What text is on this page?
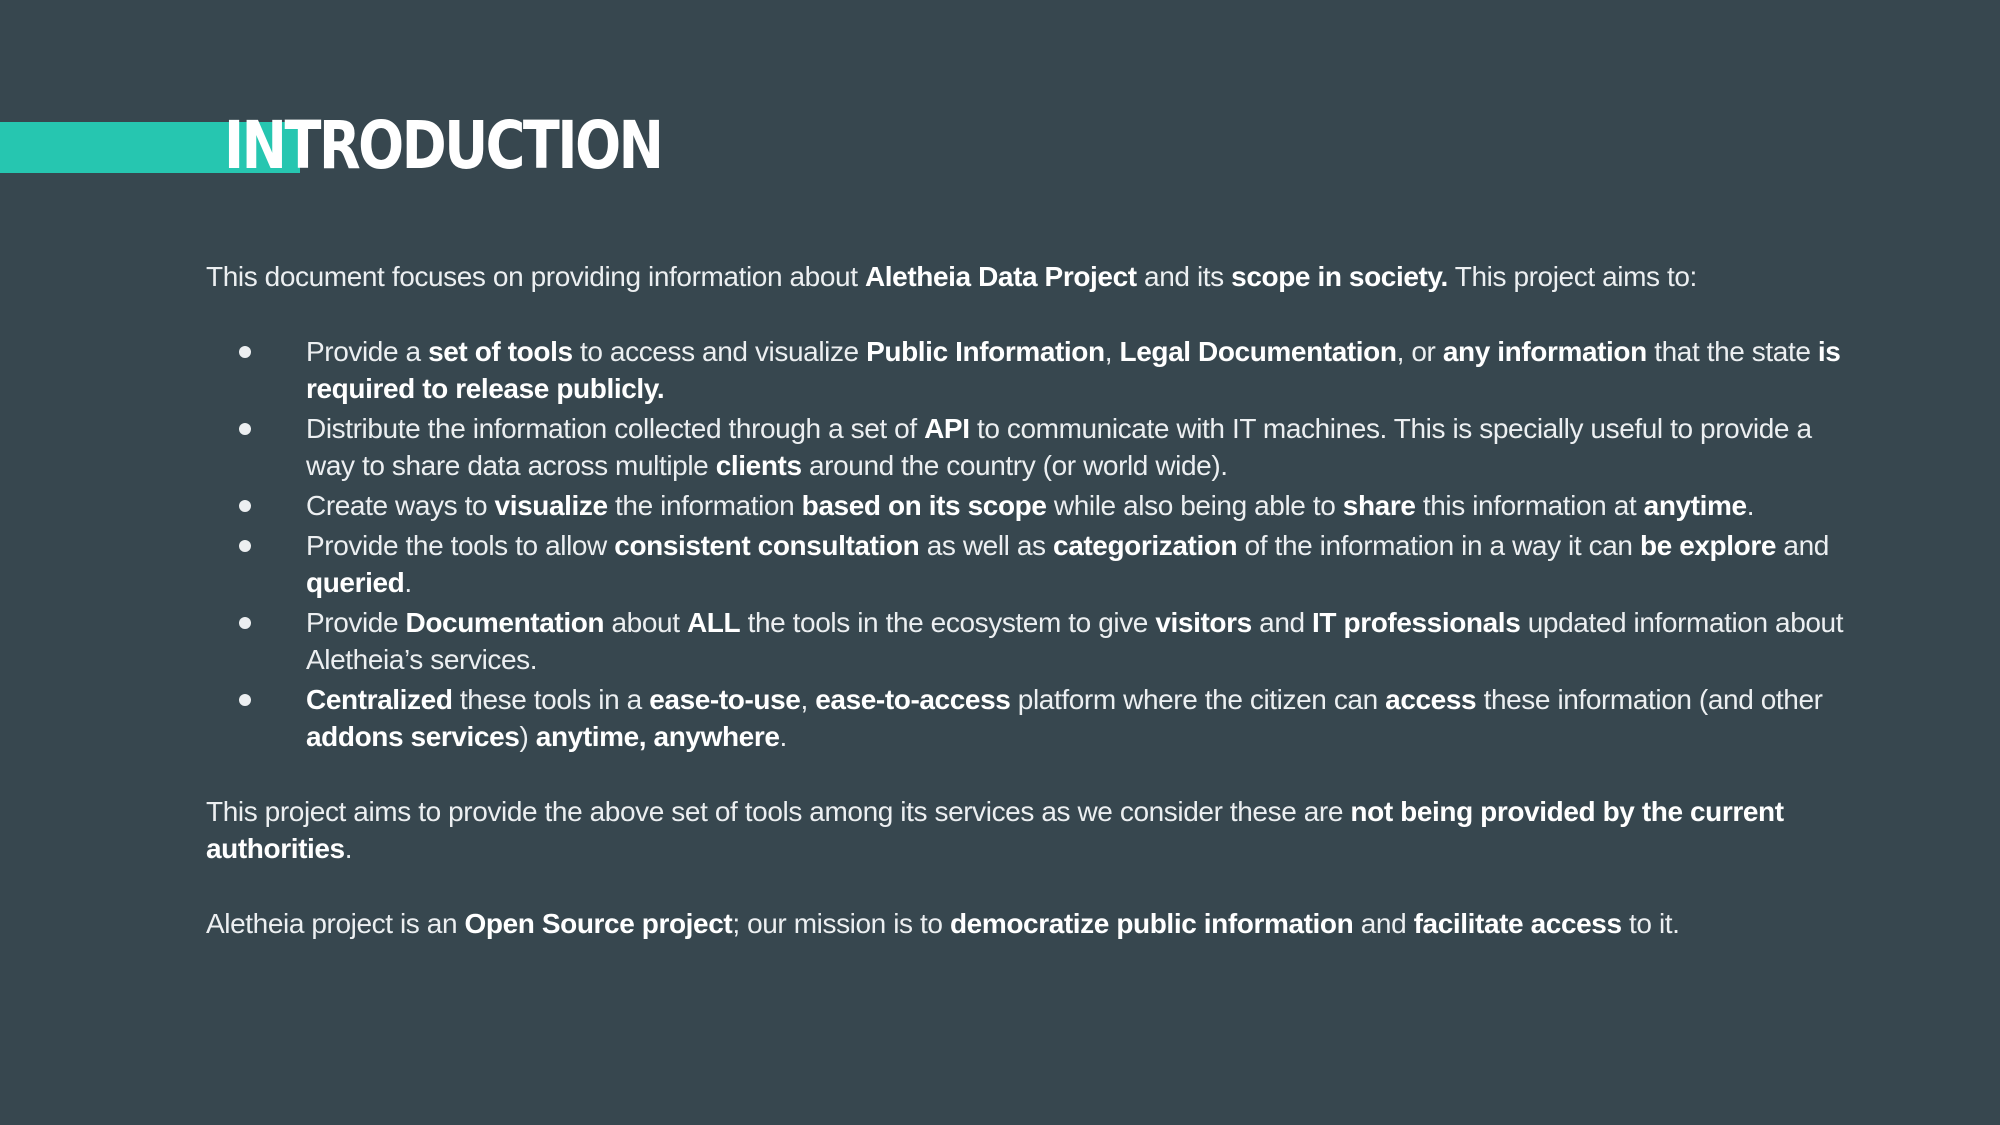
INTRODUCTION

This document focuses on providing information about Aletheia Data Project and its scope in society. This project aims to:

Provide a set of tools to access and visualize Public Information, Legal Documentation, or any information that the state is required to release publicly.
Distribute the information collected through a set of API to communicate with IT machines. This is specially useful to provide a way to share data across multiple clients around the country (or world wide).
Create ways to visualize the information based on its scope while also being able to share this information at anytime.
Provide the tools to allow consistent consultation as well as categorization of the information in a way it can be explore and queried.
Provide Documentation about ALL the tools in the ecosystem to give visitors and IT professionals updated information about Aletheia’s services.
Centralized these tools in a ease-to-use, ease-to-access platform where the citizen can access these information (and other addons services) anytime, anywhere.

This project aims to provide the above set of tools among its services as we consider these are not being provided by the current authorities.

Aletheia project is an Open Source project; our mission is to democratize public information and facilitate access to it.
